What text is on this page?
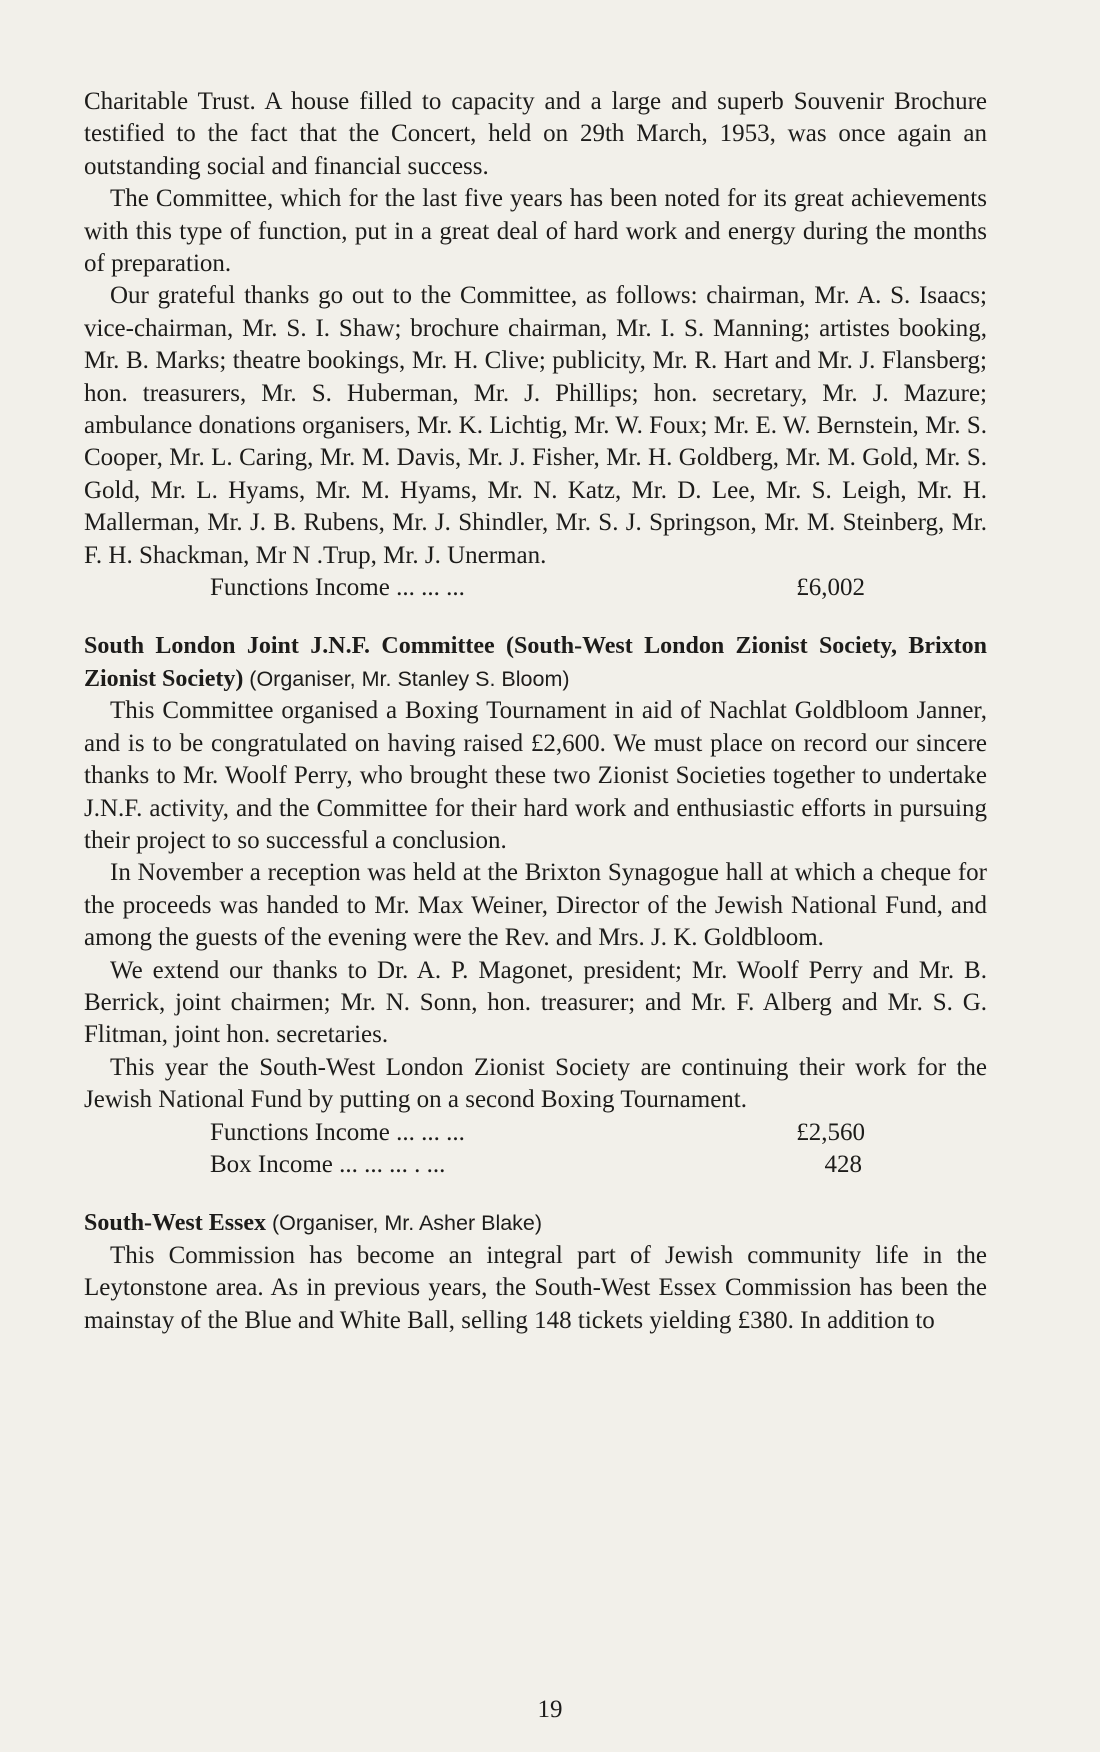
Charitable Trust. A house filled to capacity and a large and superb Souvenir Brochure testified to the fact that the Concert, held on 29th March, 1953, was once again an outstanding social and financial success.

The Committee, which for the last five years has been noted for its great achievements with this type of function, put in a great deal of hard work and energy during the months of preparation.

Our grateful thanks go out to the Committee, as follows: chairman, Mr. A. S. Isaacs; vice-chairman, Mr. S. I. Shaw; brochure chairman, Mr. I. S. Manning; artistes booking, Mr. B. Marks; theatre bookings, Mr. H. Clive; publicity, Mr. R. Hart and Mr. J. Flansberg; hon. treasurers, Mr. S. Huberman, Mr. J. Phillips; hon. secretary, Mr. J. Mazure; ambulance donations organisers, Mr. K. Lichtig, Mr. W. Foux; Mr. E. W. Bernstein, Mr. S. Cooper, Mr. L. Caring, Mr. M. Davis, Mr. J. Fisher, Mr. H. Goldberg, Mr. M. Gold, Mr. S. Gold, Mr. L. Hyams, Mr. M. Hyams, Mr. N. Katz, Mr. D. Lee, Mr. S. Leigh, Mr. H. Mallerman, Mr. J. B. Rubens, Mr. J. Shindler, Mr. S. J. Springson, Mr. M. Steinberg, Mr. F. H. Shackman, Mr N .Trup, Mr. J. Unerman.

Functions Income ... ... ...	£6,002

South London Joint J.N.F. Committee (South-West London Zionist Society, Brixton Zionist Society) (Organiser, Mr. Stanley S. Bloom)

This Committee organised a Boxing Tournament in aid of Nachlat Goldbloom Janner, and is to be congratulated on having raised £2,600. We must place on record our sincere thanks to Mr. Woolf Perry, who brought these two Zionist Societies together to undertake J.N.F. activity, and the Committee for their hard work and enthusiastic efforts in pursuing their project to so successful a conclusion.

In November a reception was held at the Brixton Synagogue hall at which a cheque for the proceeds was handed to Mr. Max Weiner, Director of the Jewish National Fund, and among the guests of the evening were the Rev. and Mrs. J. K. Goldbloom.

We extend our thanks to Dr. A. P. Magonet, president; Mr. Woolf Perry and Mr. B. Berrick, joint chairmen; Mr. N. Sonn, hon. treasurer; and Mr. F. Alberg and Mr. S. G. Flitman, joint hon. secretaries.

This year the South-West London Zionist Society are continuing their work for the Jewish National Fund by putting on a second Boxing Tournament.

Functions Income ... ... ...	£2,560
Box Income ... ... ... . ...	428

South-West Essex (Organiser, Mr. Asher Blake)

This Commission has become an integral part of Jewish community life in the Leytonstone area. As in previous years, the South-West Essex Commission has been the mainstay of the Blue and White Ball, selling 148 tickets yielding £380. In addition to

19
